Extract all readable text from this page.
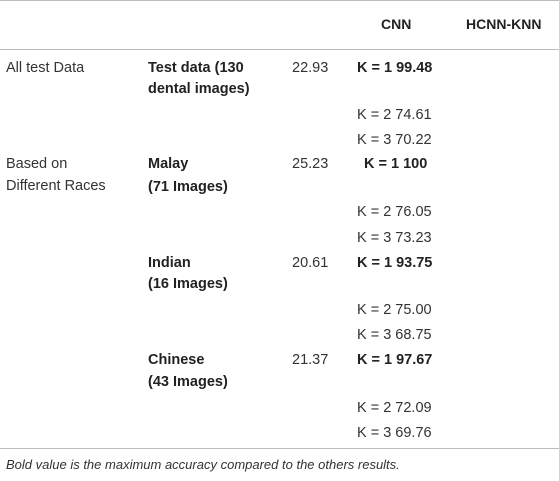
CNN	HCNN-KNN
All test Data	Test data (130
dental images)
22.93 K = 1 99.48
K = 2 74.61
K = 3 70.22
Based on
Different Races
Malay
(71 Images)
25.23 K = 1 100
K = 2 76.05
K = 3 73.23
Indian
(16 Images)
20.61 K = 1 93.75
K = 2 75.00
K = 3 68.75
Chinese
(43 Images)
21.37 K = 1 97.67
K = 2 72.09
K = 3 69.76
Bold value is the maximum accuracy compared to the others results.
